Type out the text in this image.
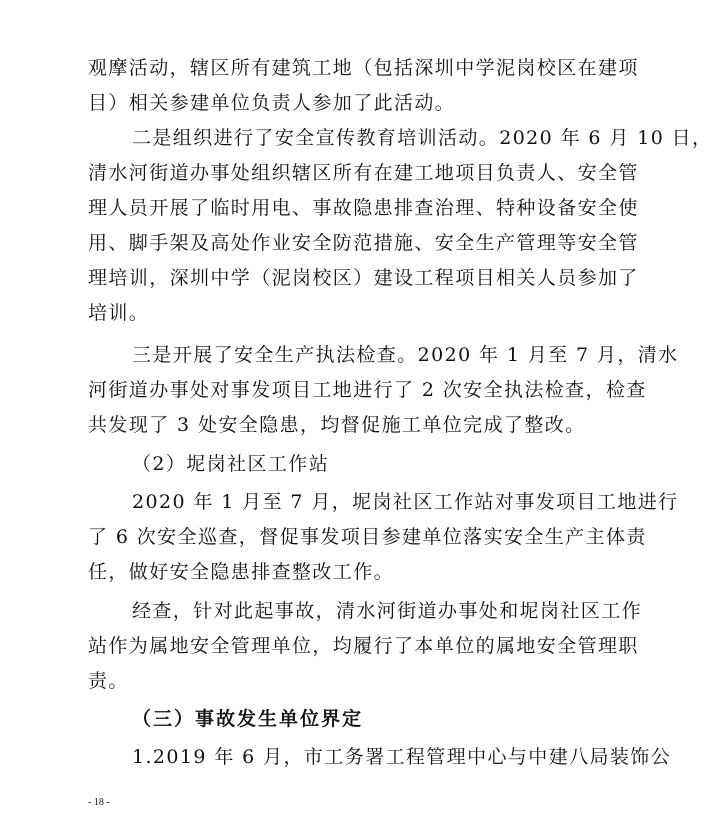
观摩活动，辖区所有建筑工地（包括深圳中学泥岗校区在建项
目）相关参建单位负责人参加了此活动。
二是组织进行了安全宣传教育培训活动。2020 年 6 月 10 日，
清水河街道办事处组织辖区所有在建工地项目负责人、安全管
理人员开展了临时用电、事故隐患排查治理、特种设备安全使
用、脚手架及高处作业安全防范措施、安全生产管理等安全管
理培训，深圳中学（泥岗校区）建设工程项目相关人员参加了
培训。
三是开展了安全生产执法检查。2020 年 1 月至 7 月，清水
河街道办事处对事发项目工地进行了 2 次安全执法检查，检查
共发现了 3 处安全隐患，均督促施工单位完成了整改。
（2）坭岗社区工作站
2020 年 1 月至 7 月，坭岗社区工作站对事发项目工地进行
了 6 次安全巡查，督促事发项目参建单位落实安全生产主体责
任，做好安全隐患排查整改工作。
经查，针对此起事故，清水河街道办事处和坭岗社区工作
站作为属地安全管理单位，均履行了本单位的属地安全管理职
责。
（三）事故发生单位界定
1.2019 年 6 月，市工务署工程管理中心与中建八局装饰公
- 18 -
